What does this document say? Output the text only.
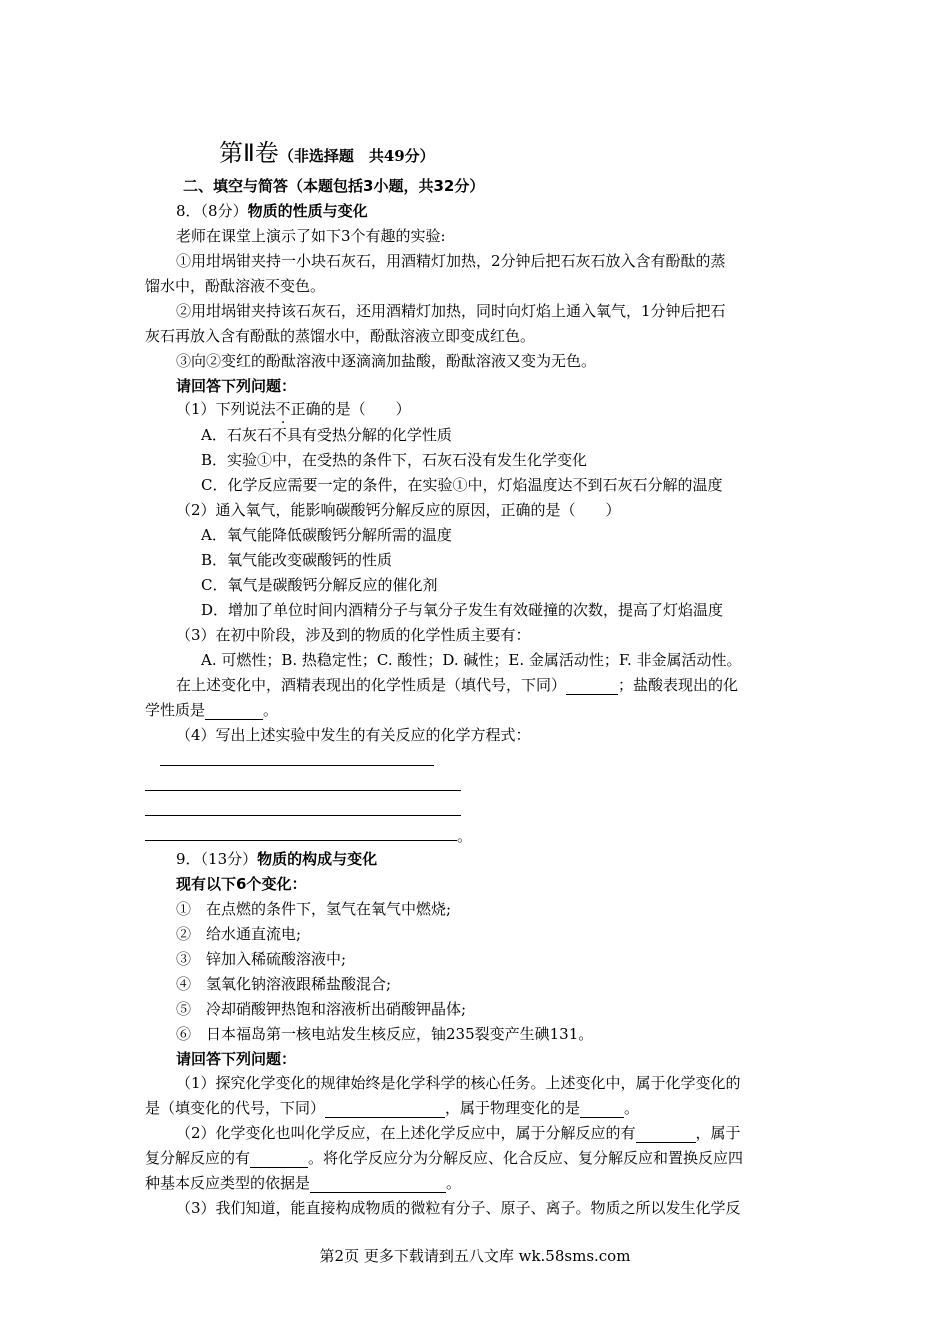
第Ⅱ卷（非选择题　共49分）
二、填空与简答（本题包括3小题，共32分）
8．（8分）物质的性质与变化
老师在课堂上演示了如下3个有趣的实验:
①用坩埚钳夹持一小块石灰石，用酒精灯加热，2分钟后把石灰石放入含有酚酞的蒸
馏水中，酚酞溶液不变色。
②用坩埚钳夹持该石灰石，还用酒精灯加热，同时向灯焰上通入氧气，1分钟后把石
灰石再放入含有酚酞的蒸馏水中，酚酞溶液立即变成红色。
③向②变红的酚酞溶液中逐滴滴加盐酸，酚酞溶液又变为无色。
请回答下列问题：
（1）下列说法不正确的是（　　）
A．石灰石不具有受热分解的化学性质
B．实验①中，在受热的条件下，石灰石没有发生化学变化
C．化学反应需要一定的条件，在实验①中，灯焰温度达不到石灰石分解的温度
（2）通入氧气，能影响碳酸钙分解反应的原因，正确的是（　　）
A．氧气能降低碳酸钙分解所需的温度
B．氧气能改变碳酸钙的性质
C．氧气是碳酸钙分解反应的催化剂
D．增加了单位时间内酒精分子与氧分子发生有效碰撞的次数，提高了灯焰温度
（3）在初中阶段，涉及到的物质的化学性质主要有：
A. 可燃性；B. 热稳定性；C. 酸性；D. 碱性；E. 金属活动性；F. 非金属活动性。
在上述变化中，酒精表现出的化学性质是（填代号，下同）	；盐酸表现出的化
学性质是	。
（4）写出上述实验中发生的有关反应的化学方程式：
。
9．（13分）物质的构成与变化
现有以下6个变化：
①　在点燃的条件下，氢气在氧气中燃烧;
②　给水通直流电;
③　锌加入稀硫酸溶液中;
④　氢氧化钠溶液跟稀盐酸混合;
⑤　冷却硝酸钾热饱和溶液析出硝酸钾晶体;
⑥　日本福岛第一核电站发生核反应，铀235裂变产生碘131。
请回答下列问题：
（1）探究化学变化的规律始终是化学科学的核心任务。上述变化中，属于化学变化的
是（填变化的代号，下同）	，属于物理变化的是	。
（2）化学变化也叫化学反应，在上述化学反应中，属于分解反应的有	，属于
复分解反应的有	。将化学反应分为分解反应、化合反应、复分解反应和置换反应四
种基本反应类型的依据是	。
（3）我们知道，能直接构成物质的微粒有分子、原子、离子。物质之所以发生化学反
第2页 更多下载请到五八文库 wk.58sms.com
